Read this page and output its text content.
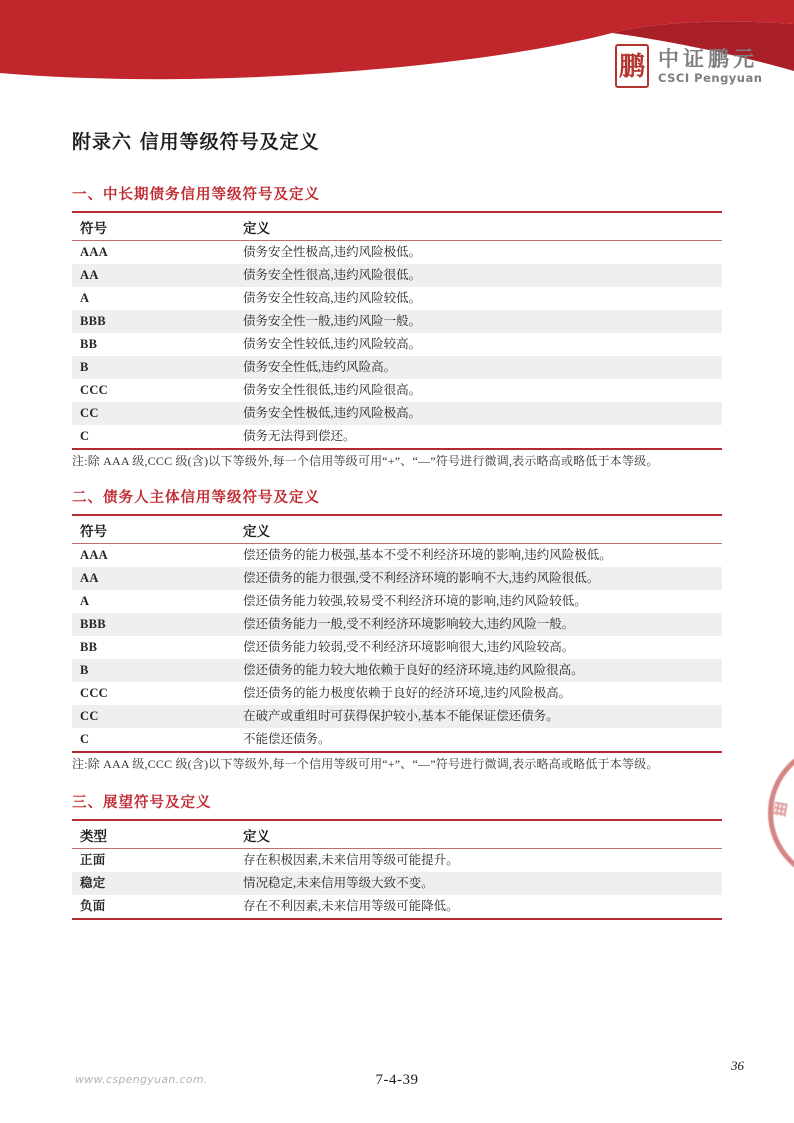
鹏 中证鹏元
CSCI Pengyuan
附录六 信用等级符号及定义
一、中长期债务信用等级符号及定义
符号	定义
AAA	债务安全性极高,违约风险极低。
AA	债务安全性很高,违约风险很低。
A	债务安全性较高,违约风险较低。
BBB	债务安全性一般,违约风险一般。
BB	债务安全性较低,违约风险较高。
B	债务安全性低,违约风险高。
CCC	债务安全性很低,违约风险很高。
CC	债务安全性极低,违约风险极高。
C	债务无法得到偿还。
注:除 AAA 级,CCC 级(含)以下等级外,每一个信用等级可用“+”、“—”符号进行微调,表示略高或略低于本等级。
二、债务人主体信用等级符号及定义
符号	定义
AAA	偿还债务的能力极强,基本不受不利经济环境的影响,违约风险极低。
AA	偿还债务的能力很强,受不利经济环境的影响不大,违约风险很低。
A	偿还债务能力较强,较易受不利经济环境的影响,违约风险较低。
BBB	偿还债务能力一般,受不利经济环境影响较大,违约风险一般。
BB	偿还债务能力较弱,受不利经济环境影响很大,违约风险较高。
B	偿还债务的能力较大地依赖于良好的经济环境,违约风险很高。
CCC	偿还债务的能力极度依赖于良好的经济环境,违约风险极高。
CC	在破产或重组时可获得保护较小,基本不能保证偿还债务。
C	不能偿还债务。
注:除 AAA 级,CCC 级(含)以下等级外,每一个信用等级可用“+”、“—”符号进行微调,表示略高或略低于本等级。
三、展望符号及定义
类型	定义
正面	存在积极因素,未来信用等级可能提升。
稳定	情况稳定,未来信用等级大致不变。
负面	存在不利因素,未来信用等级可能降低。
www.cspengyuan.com.	7-4-39
36
